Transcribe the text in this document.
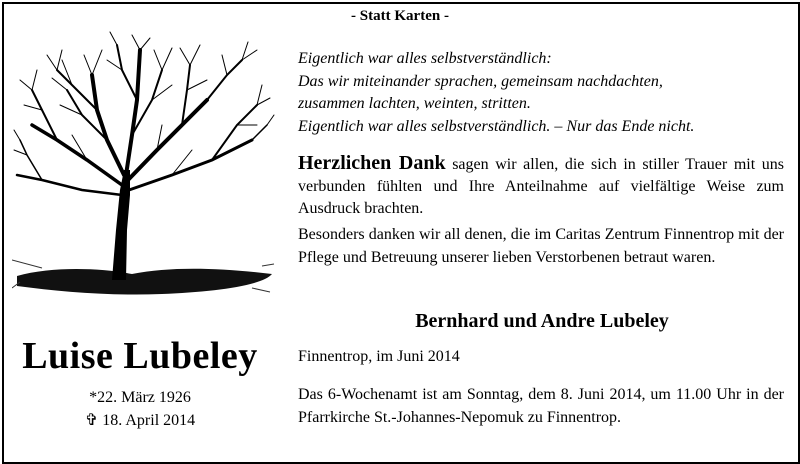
- Statt Karten -
Eigentlich war alles selbstverständlich:
Das wir miteinander sprachen, gemeinsam nachdachten,
zusammen lachten, weinten, stritten.
Eigentlich war alles selbstverständlich. – Nur das Ende nicht.
Herzlichen Dank sagen wir allen, die sich in stiller Trauer mit uns verbunden fühlten und Ihre Anteilnahme auf vielfältige Weise zum Ausdruck brachten.
Besonders danken wir all denen, die im Caritas Zentrum Finnentrop mit der Pflege und Betreuung unserer lieben Verstorbenen betraut waren.
Bernhard und Andre Lubeley
Finnentrop, im Juni 2014
Das 6-Wochenamt ist am Sonntag, dem 8. Juni 2014, um 11.00 Uhr in der Pfarrkirche St.-Johannes-Nepomuk zu Finnentrop.
Luise Lubeley
*22. März 1926
✞ 18. April 2014
